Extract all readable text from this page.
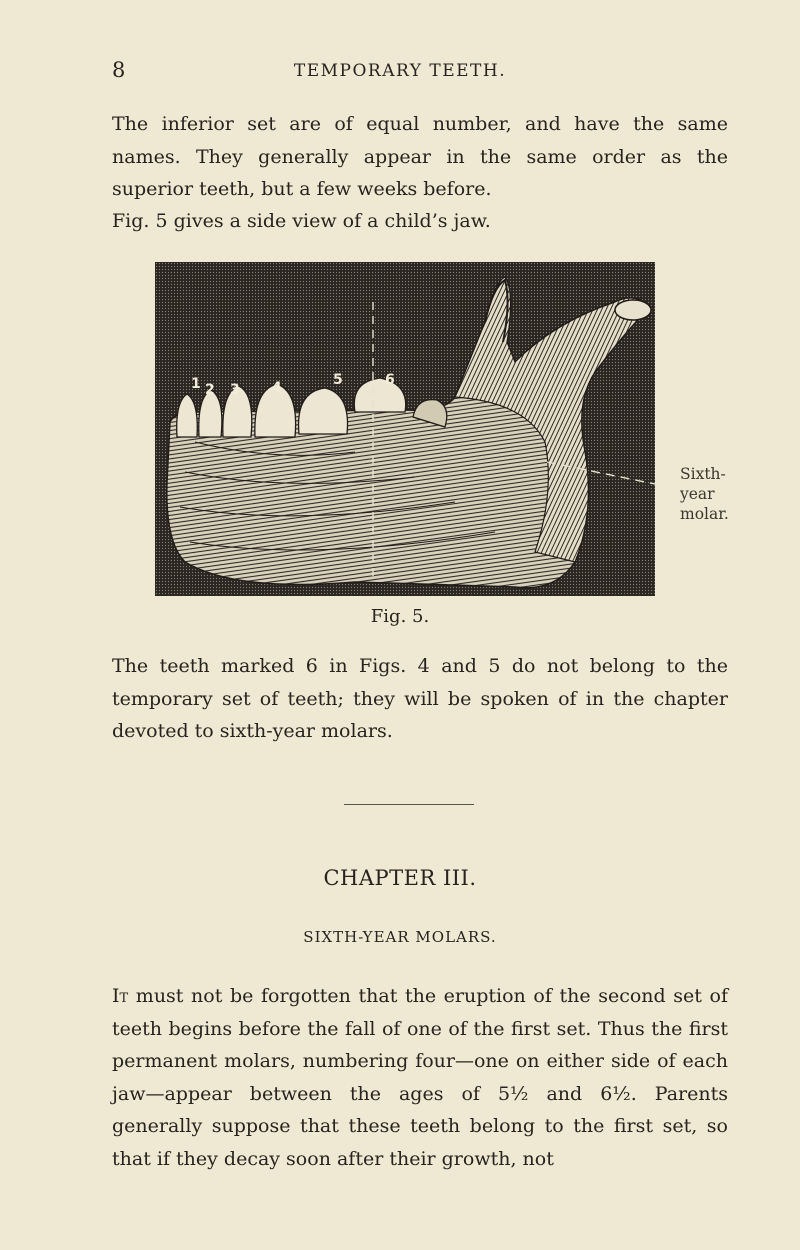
8	TEMPORARY TEETH.

The inferior set are of equal number, and have the same names. They generally appear in the same order as the superior teeth, but a few weeks before.

Fig. 5 gives a side view of a child’s jaw.

1 2 3 4	5	6
Sixth-
year
molar.
Fig. 5.

The teeth marked 6 in Figs. 4 and 5 do not belong to the temporary set of teeth; they will be spoken of in the chapter devoted to sixth-year molars.

CHAPTER III.
SIXTH-YEAR MOLARS.

It must not be forgotten that the eruption of the second set of teeth begins before the fall of one of the first set. Thus the first permanent molars, numbering four—one on either side of each jaw—appear between the ages of 5½ and 6½. Parents generally suppose that these teeth belong to the first set, so that if they decay soon after their growth, not
